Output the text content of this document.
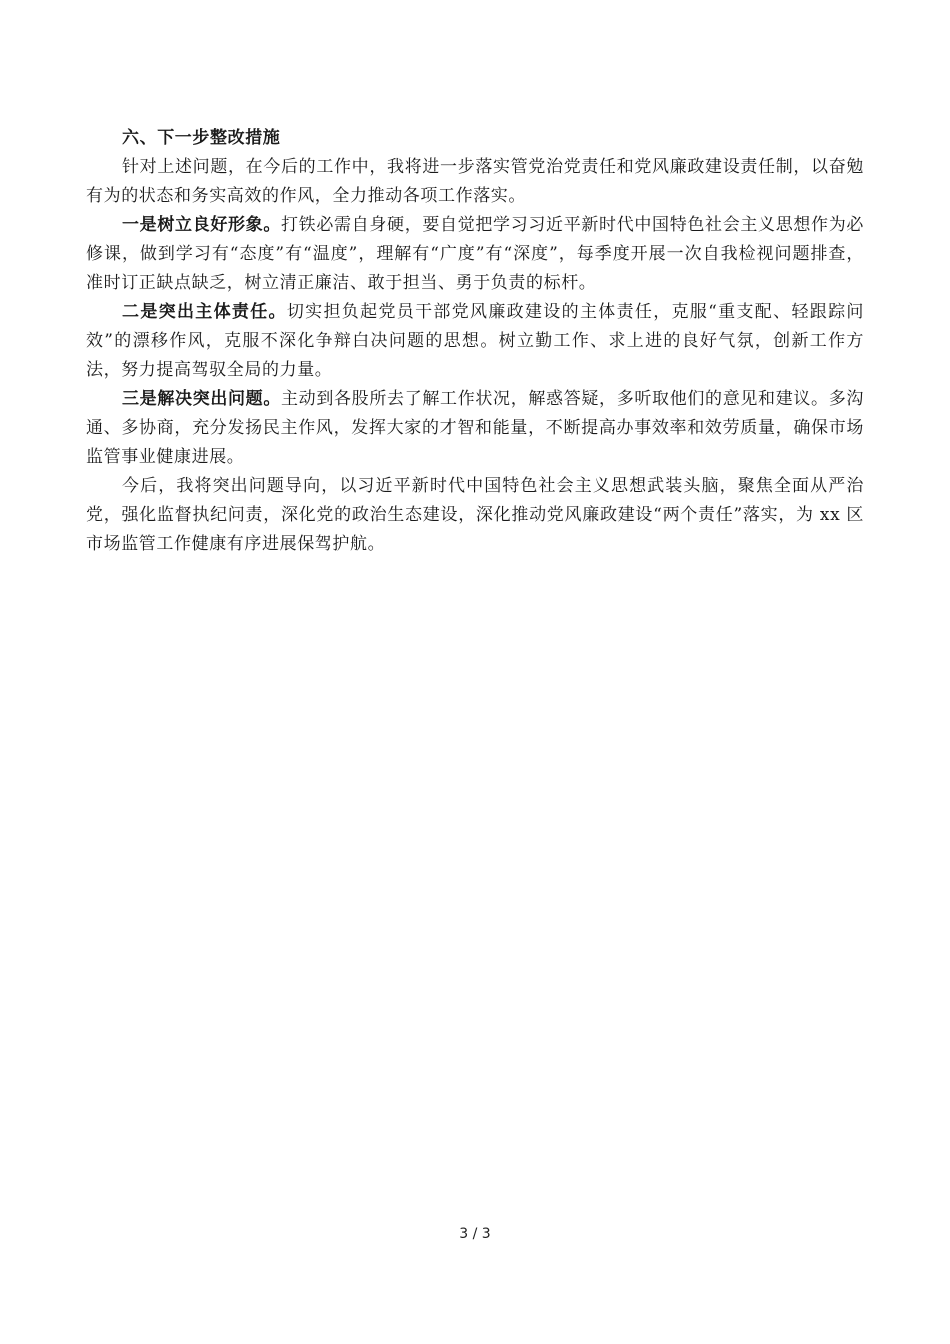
六、下一步整改措施

针对上述问题，在今后的工作中，我将进一步落实管党治党责任和党风廉政建设责任制，以奋勉有为的状态和务实高效的作风，全力推动各项工作落实。

一是树立良好形象。打铁必需自身硬，要自觉把学习习近平新时代中国特色社会主义思想作为必修课，做到学习有“态度”有“温度”，理解有“广度”有“深度”，每季度开展一次自我检视问题排查，准时订正缺点缺乏，树立清正廉洁、敢于担当、勇于负责的标杆。

二是突出主体责任。切实担负起党员干部党风廉政建设的主体责任，克服“重支配、轻跟踪问效”的漂移作风，克服不深化争辩白决问题的思想。树立勤工作、求上进的良好气氛，创新工作方法，努力提高驾驭全局的力量。

三是解决突出问题。主动到各股所去了解工作状况，解惑答疑，多听取他们的意见和建议。多沟通、多协商，充分发扬民主作风，发挥大家的才智和能量，不断提高办事效率和效劳质量，确保市场监管事业健康进展。

今后，我将突出问题导向，以习近平新时代中国特色社会主义思想武装头脑，聚焦全面从严治党，强化监督执纪问责，深化党的政治生态建设，深化推动党风廉政建设“两个责任”落实，为 xx 区市场监管工作健康有序进展保驾护航。

3 / 3
